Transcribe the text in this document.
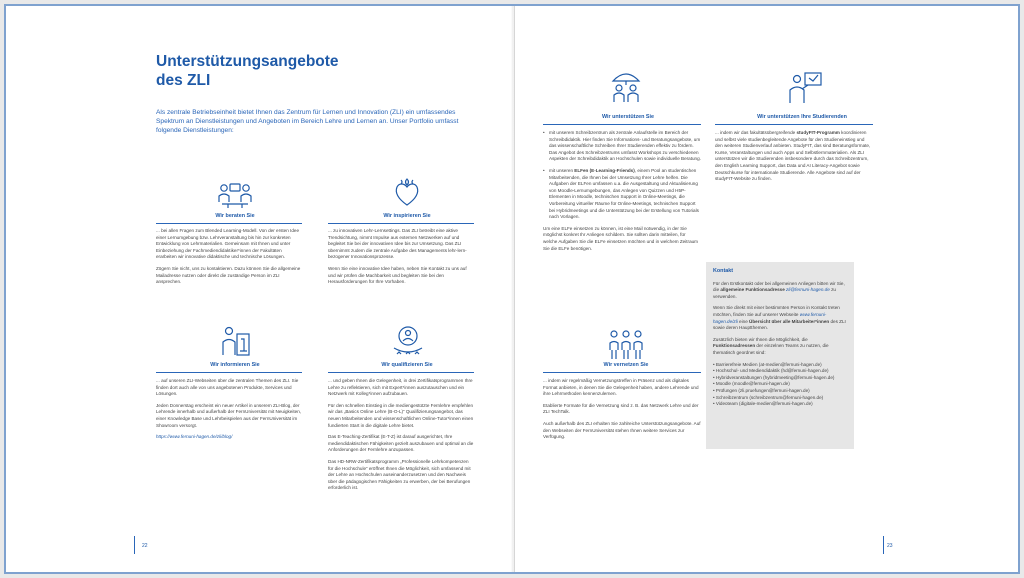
Unterstützungsangebote
des ZLI
Als zentrale Betriebseinheit bietet Ihnen das Zentrum für Lernen und Innovation (ZLI) ein umfassendes Spektrum an Dienstleistungen und Angeboten im Bereich Lehre und Lernen an. Unser Portfolio umfasst folgende Dienstleistungen:
Wir beraten Sie

... bei allen Fragen zum Blended Learning-Modell. Von der ersten Idee einer Lernumgebung bzw. Lehrveranstaltung bis hin zur konkreten Entwicklung von Lehrmaterialien. Gemeinsam mit Ihnen und unter Einbeziehung der Fachmediendidaktiker*innen der Fakultäten erarbeiten wir innovative didaktische und technische Lösungen.

Zögern Sie nicht, uns zu kontaktieren. Dazu können Sie die allgemeine Mailadresse nutzen oder direkt die zuständige Person im ZLI ansprechen.

Wir inspirieren Sie

... zu innovativen Lehr-Lernsettings. Das ZLI betreibt eine aktive Trendsichtung, nimmt Impulse aus externen Netzwerken auf und begleitet Sie bei der innovativen Idee bis zur Umsetzung. Das ZLI übernimmt zudem die zentrale Aufgabe des Managements lehr-lern-bezogener Innovationsprozesse.

Wenn Sie eine innovative Idee haben, neben Sie Kontakt zu uns auf und wir prüfen die Machbarkeit und begleiten Sie bei den Herausforderungen für Ihre Vorhaben.

Wir informieren Sie

... auf unseren ZLI-Webseiten über die zentralen Themen des ZLI. Sie finden dort auch alle von uns angebotenen Produkte, Services und Lösungen.

Jeden Donnerstag erscheint ein neuer Artikel in unserem ZLI-Blog, der Lehrende innerhalb und außerhalb der FernUniversität mit Neuigkeiten, einer Knowledge Base und Lehrbeispielen aus der FernUniversität im Showroom versorgt.

https://www.fernuni-hagen.de/zli/blog/

Wir qualifizieren Sie

... und geben Ihnen die Gelegenheit, in drei Zertifikatsprogrammen Ihre Lehre zu reflektieren, sich mit Expert*innen auszutauschen und ein Netzwerk mit Kolleg*innen aufzubauen.

Für den schnellen Einstieg in die mediengestützte Fernlehre empfehlen wir das „Basics Online Lehre (B-O-L)“ Qualifizierungsangebot, das neuen Mitarbeitenden und wissenschaftlichen Online-Tutor*innen einen fundierten Start in die digitale Lehre bietet.

Das E-Teaching-Zertifikat (E-T-Z) ist darauf ausgerichtet, Ihre mediendidaktischen Fähigkeiten gezielt auszubauen und optimal an die Anforderungen der Fernlehre anzupassen.

Das HD-NRW-Zertifikatsprogramm „Professionelle Lehrkompetenzen für die Hochschule“ eröffnet Ihnen die Möglichkeit, sich umfassend mit der Lehre an Hochschulen auseinanderzusetzen und den Nachweis über die pädagogischen Fähigkeiten zu erwerben, der bei Berufungen erforderlich ist.

22
Wir unterstützen Sie
• mit unserem Schreibzentrum als zentrale Anlaufstelle im Bereich der Schreibdidaktik. Hier finden Sie Informations- und Beratungsangebote, um das wissenschaftliche Schreiben Ihrer Studierenden effektiv zu fördern. Das Angebot des Schreibzentrums umfasst Workshops zu verschiedenen Aspekten der Schreibdidaktik an Hochschulen sowie individuelle Beratung.
• mit unseren ELFen (E-Learning-Friends), einem Pool an studentischen Mitarbeitenden, die Ihnen bei der Umsetzung Ihrer Lehre helfen. Die Aufgaben der ELFen umfassen u.a. die Ausgestaltung und Aktualisierung von Moodle-Lernumgebungen, das Anlegen von Quizzen und H5P-Elementen in Moodle, technischen Support in Online-Meetings, die Vorbereitung virtueller Räume für Online-Meetings, technischen Support bei Hybridmeetings und die Unterstützung bei der Erstellung von Tutorials nach Vorlagen.

Um eine ELFe einsetzen zu können, ist eine Mail notwendig, in der Sie möglichst konkret Ihr Anliegen schildern. Sie sollten darin mitteilen, für welche Aufgaben Sie die ELFe einsetzen möchten und in welchem Zeitraum Sie die ELFe benötigen.

Wir unterstützen Ihre Studierenden

... indem wir das fakultätsübergreifende studyFIT-Programm koordinieren und selbst viele studienbegleitende Angebote für den Studieneinstieg und den weiteren Studienverlauf anbieten. StudyFIT, das sind Beratungsformate, Kurse, Veranstaltungen und auch Apps und Selbstlernmaterialien. Als ZLI unterstützen wir die Studierenden insbesondere durch das Schreibzentrum, den English Learning Support, das Data und AI Literacy-Angebot sowie Deutschkurse für internationale Studierende. Alle Angebote sind auf der studyFIT-Website zu finden.

Wir vernetzen Sie

... indem wir regelmäßig Vernetzungstreffen in Präsenz und als digitales Format anbieten, in denen Sie die Gelegenheit haben, andere Lehrende und ihre Lehrmethoden kennenzulernen.

Etablierte Formate für die Vernetzung sind z. B. das Netzwerk Lehre und der ZLI TechTalk.

Auch außerhalb des ZLI erhalten Sie zahlreiche Unterstützungsangebote. Auf den Webseiten der FernUniversität stehen Ihnen weitere Services zur Verfügung.

23
Kontakt

Für den Erstkontakt oder bei allgemeinen Anliegen bitten wir Sie, die allgemeine Funktionsadresse zli@fernuni-hagen.de zu verwenden.

Wenn Sie direkt mit einer bestimmten Person in Kontakt treten möchten, finden Sie auf unserer Webseite www.fernuni-hagen.de/zli eine Übersicht über alle Mitarbeiter*innen des ZLI sowie deren Hauptthemen.

Zusätzlich bieten wir Ihnen die Möglichkeit, die Funktionsadressen der einzelnen Teams zu nutzen, die thematisch geordnet sind:

• Barrierefreie Medien (at-medien@fernuni-hagen.de)
• Hochschul- und Mediendidaktik (hd@fernuni-hagen.de)
• Hybridveranstaltungen (hybridmeeting@fernuni-hagen.de)
• Moodle (moodle@fernuni-hagen.de)
• Prüfungen (zli.pruefungen@fernuni-hagen.de)
• Schreibzentrum (schreibzentrum@fernuni-hagen.de)
• Videoteam (digitale-medien@fernuni-hagen.de)
